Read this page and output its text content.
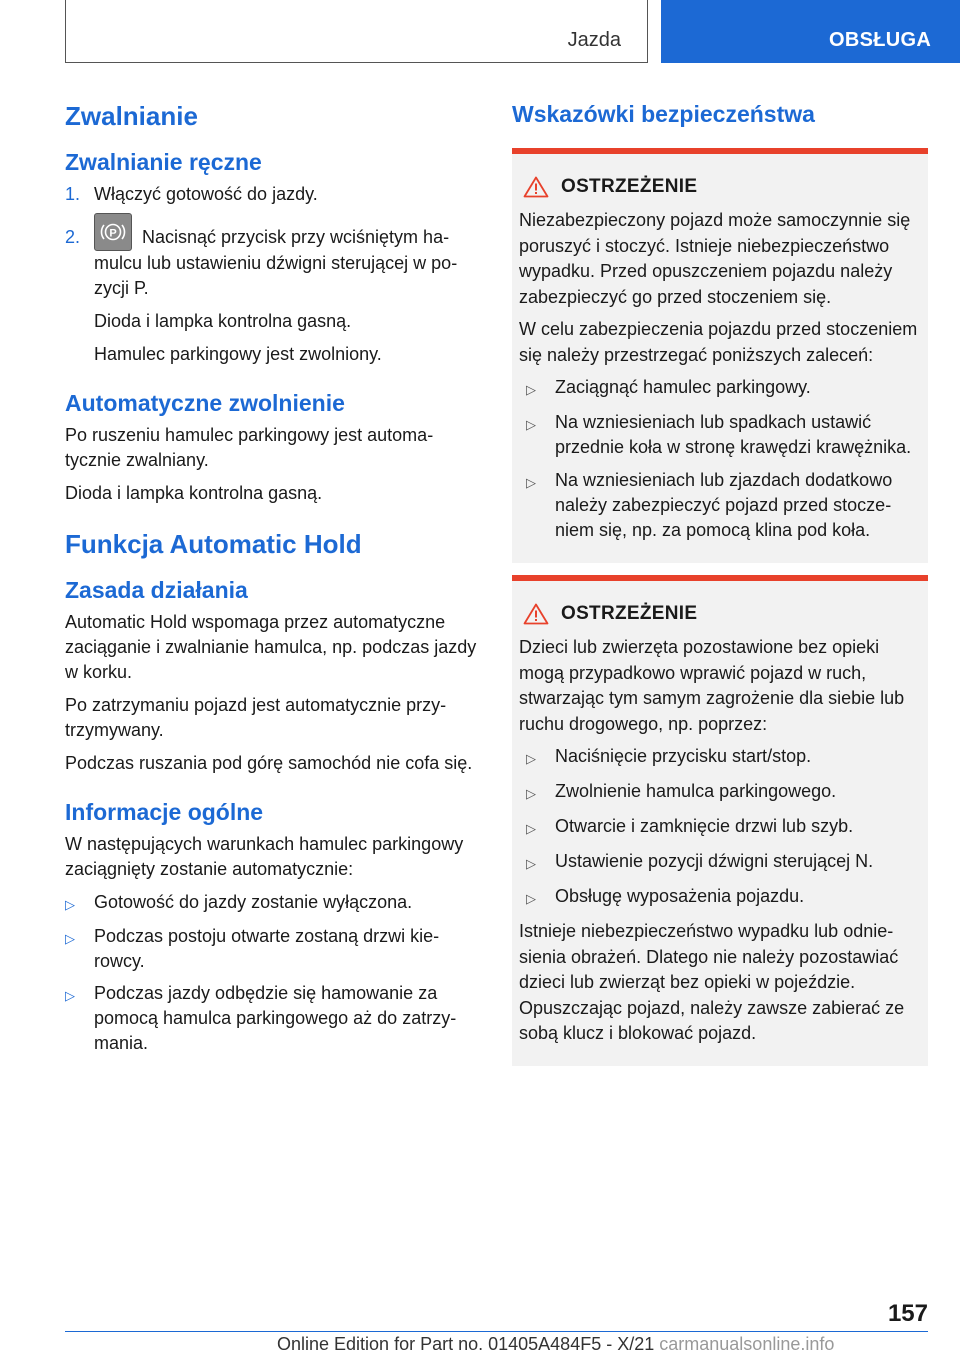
Jazda	OBSŁUGA
Zwalnianie
Zwalnianie ręczne
1. Włączyć gotowość do jazdy.
2.	P Nacisnąć przycisk przy wciśniętym hamulcu lub ustawieniu dźwigni sterującej w pozycji P.

Dioda i lampka kontrolna gasną.

Hamulec parkingowy jest zwolniony.

Automatyczne zwolnienie

Po ruszeniu hamulec parkingowy jest automatycznie zwalniany.

Dioda i lampka kontrolna gasną.

Funkcja Automatic Hold
Zasada działania

Automatic Hold wspomaga przez automatyczne zaciąganie i zwalnianie hamulca, np. podczas jazdy w korku.

Po zatrzymaniu pojazd jest automatycznie przytrzymywany.

Podczas ruszania pod górę samochód nie cofa się.

Informacje ogólne

W następujących warunkach hamulec parkingowy zaciągnięty zostanie automatycznie:

▷	Gotowość do jazdy zostanie wyłączona.
▷	Podczas postoju otwarte zostaną drzwi kierowcy.
▷	Podczas jazdy odbędzie się hamowanie za pomocą hamulca parkingowego aż do zatrzymania.
Wskazówki bezpieczeństwa
OSTRZEŻENIE

Niezabezpieczony pojazd może samoczynnie się poruszyć i stoczyć. Istnieje niebezpieczeństwo wypadku. Przed opuszczeniem pojazdu należy zabezpieczyć go przed stoczeniem się.

W celu zabezpieczenia pojazdu przed stoczeniem się należy przestrzegać poniższych zaleceń:

▷	Zaciągnąć hamulec parkingowy.
▷	Na wzniesieniach lub spadkach ustawić przednie koła w stronę krawędzi krawężnika.
▷	Na wzniesieniach lub zjazdach dodatkowo należy zabezpieczyć pojazd przed stoczeniem się, np. za pomocą klina pod koła.
OSTRZEŻENIE

Dzieci lub zwierzęta pozostawione bez opieki mogą przypadkowo wprawić pojazd w ruch, stwarzając tym samym zagrożenie dla siebie lub ruchu drogowego, np. poprzez:

▷	Naciśnięcie przycisku start/stop.
▷	Zwolnienie hamulca parkingowego.
▷	Otwarcie i zamknięcie drzwi lub szyb.
▷	Ustawienie pozycji dźwigni sterującej N.
▷	Obsługę wyposażenia pojazdu.

Istnieje niebezpieczeństwo wypadku lub odniesienia obrażeń. Dlatego nie należy pozostawiać dzieci lub zwierząt bez opieki w pojeździe. Opuszczając pojazd, należy zawsze zabierać ze sobą klucz i blokować pojazd.

157
Online Edition for Part no. 01405A484F5 - X/21 carmanualsonline.info
